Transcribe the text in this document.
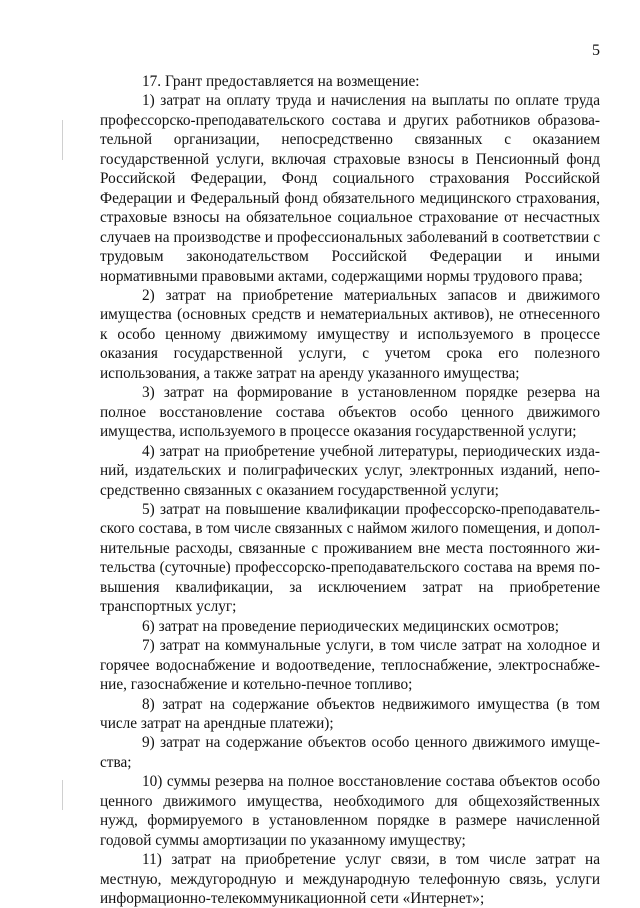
5

17. Грант предоставляется на возмещение:

1) затрат на оплату труда и начисления на выплаты по оплате труда профессорско-преподавательского состава и других работников образовательной организации, непосредственно связанных с оказанием государственной услуги, включая страховые взносы в Пенсионный фонд Российской Федерации, Фонд социального страхования Российской Федерации и Федеральный фонд обязательного медицинского страхования, страховые взносы на обязательное социальное страхование от несчастных случаев на производстве и профессиональных заболеваний в соответствии с трудовым законодательством Российской Федерации и иными нормативными правовыми актами, содержащими нормы трудового права;

2) затрат на приобретение материальных запасов и движимого имущества (основных средств и нематериальных активов), не отнесенного к особо ценному движимому имуществу и используемого в процессе оказания государственной услуги, с учетом срока его полезного использования, а также затрат на аренду указанного имущества;

3) затрат на формирование в установленном порядке резерва на полное восстановление состава объектов особо ценного движимого имущества, используемого в процессе оказания государственной услуги;

4) затрат на приобретение учебной литературы, периодических изданий, издательских и полиграфических услуг, электронных изданий, непосредственно связанных с оказанием государственной услуги;

5) затрат на повышение квалификации профессорско-преподавательского состава, в том числе связанных с наймом жилого помещения, и дополнительные расходы, связанные с проживанием вне места постоянного жительства (суточные) профессорско-преподавательского состава на время повышения квалификации, за исключением затрат на приобретение транспортных услуг;

6) затрат на проведение периодических медицинских осмотров;

7) затрат на коммунальные услуги, в том числе затрат на холодное и горячее водоснабжение и водоотведение, теплоснабжение, электроснабжение, газоснабжение и котельно-печное топливо;

8) затрат на содержание объектов недвижимого имущества (в том числе затрат на арендные платежи);

9) затрат на содержание объектов особо ценного движимого имущества;

10) суммы резерва на полное восстановление состава объектов особо ценного движимого имущества, необходимого для общехозяйственных нужд, формируемого в установленном порядке в размере начисленной годовой суммы амортизации по указанному имуществу;

11) затрат на приобретение услуг связи, в том числе затрат на местную, междугородную и международную телефонную связь, услуги информационно-телекоммуникационной сети «Интернет»;
